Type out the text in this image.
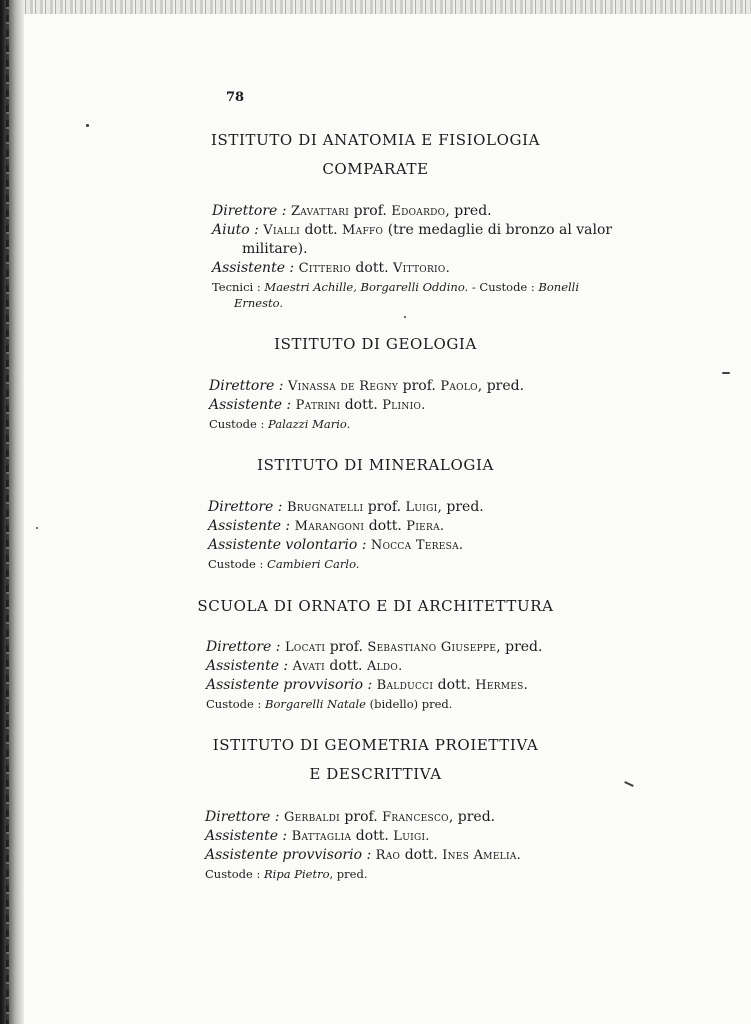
78
ISTITUTO DI ANATOMIA E FISIOLOGIA
COMPARATE
Direttore : Zavattari prof. Edoardo, pred.
Aiuto : Vialli dott. Maffo (tre medaglie di bronzo al valor
militare).
Assistente : Citterio dott. Vittorio.
Tecnici : Maestri Achille, Borgarelli Oddino. - Custode : Bonelli
Ernesto.
ISTITUTO DI GEOLOGIA
Direttore : Vinassa de Regny prof. Paolo, pred.
Assistente : Patrini dott. Plinio.
Custode : Palazzi Mario.
ISTITUTO DI MINERALOGIA
Direttore : Brugnatelli prof. Luigi, pred.
Assistente : Marangoni dott. Piera.
Assistente volontario : Nocca Teresa.
Custode : Cambieri Carlo.
SCUOLA DI ORNATO E DI ARCHITETTURA
Direttore : Locati prof. Sebastiano Giuseppe, pred.
Assistente : Avati dott. Aldo.
Assistente provvisorio : Balducci dott. Hermes.
Custode : Borgarelli Natale (bidello) pred.
ISTITUTO DI GEOMETRIA PROIETTIVA
E DESCRITTIVA
Direttore : Gerbaldi prof. Francesco, pred.
Assistente : Battaglia dott. Luigi.
Assistente provvisorio : Rao dott. Ines Amelia.
Custode : Ripa Pietro, pred.
